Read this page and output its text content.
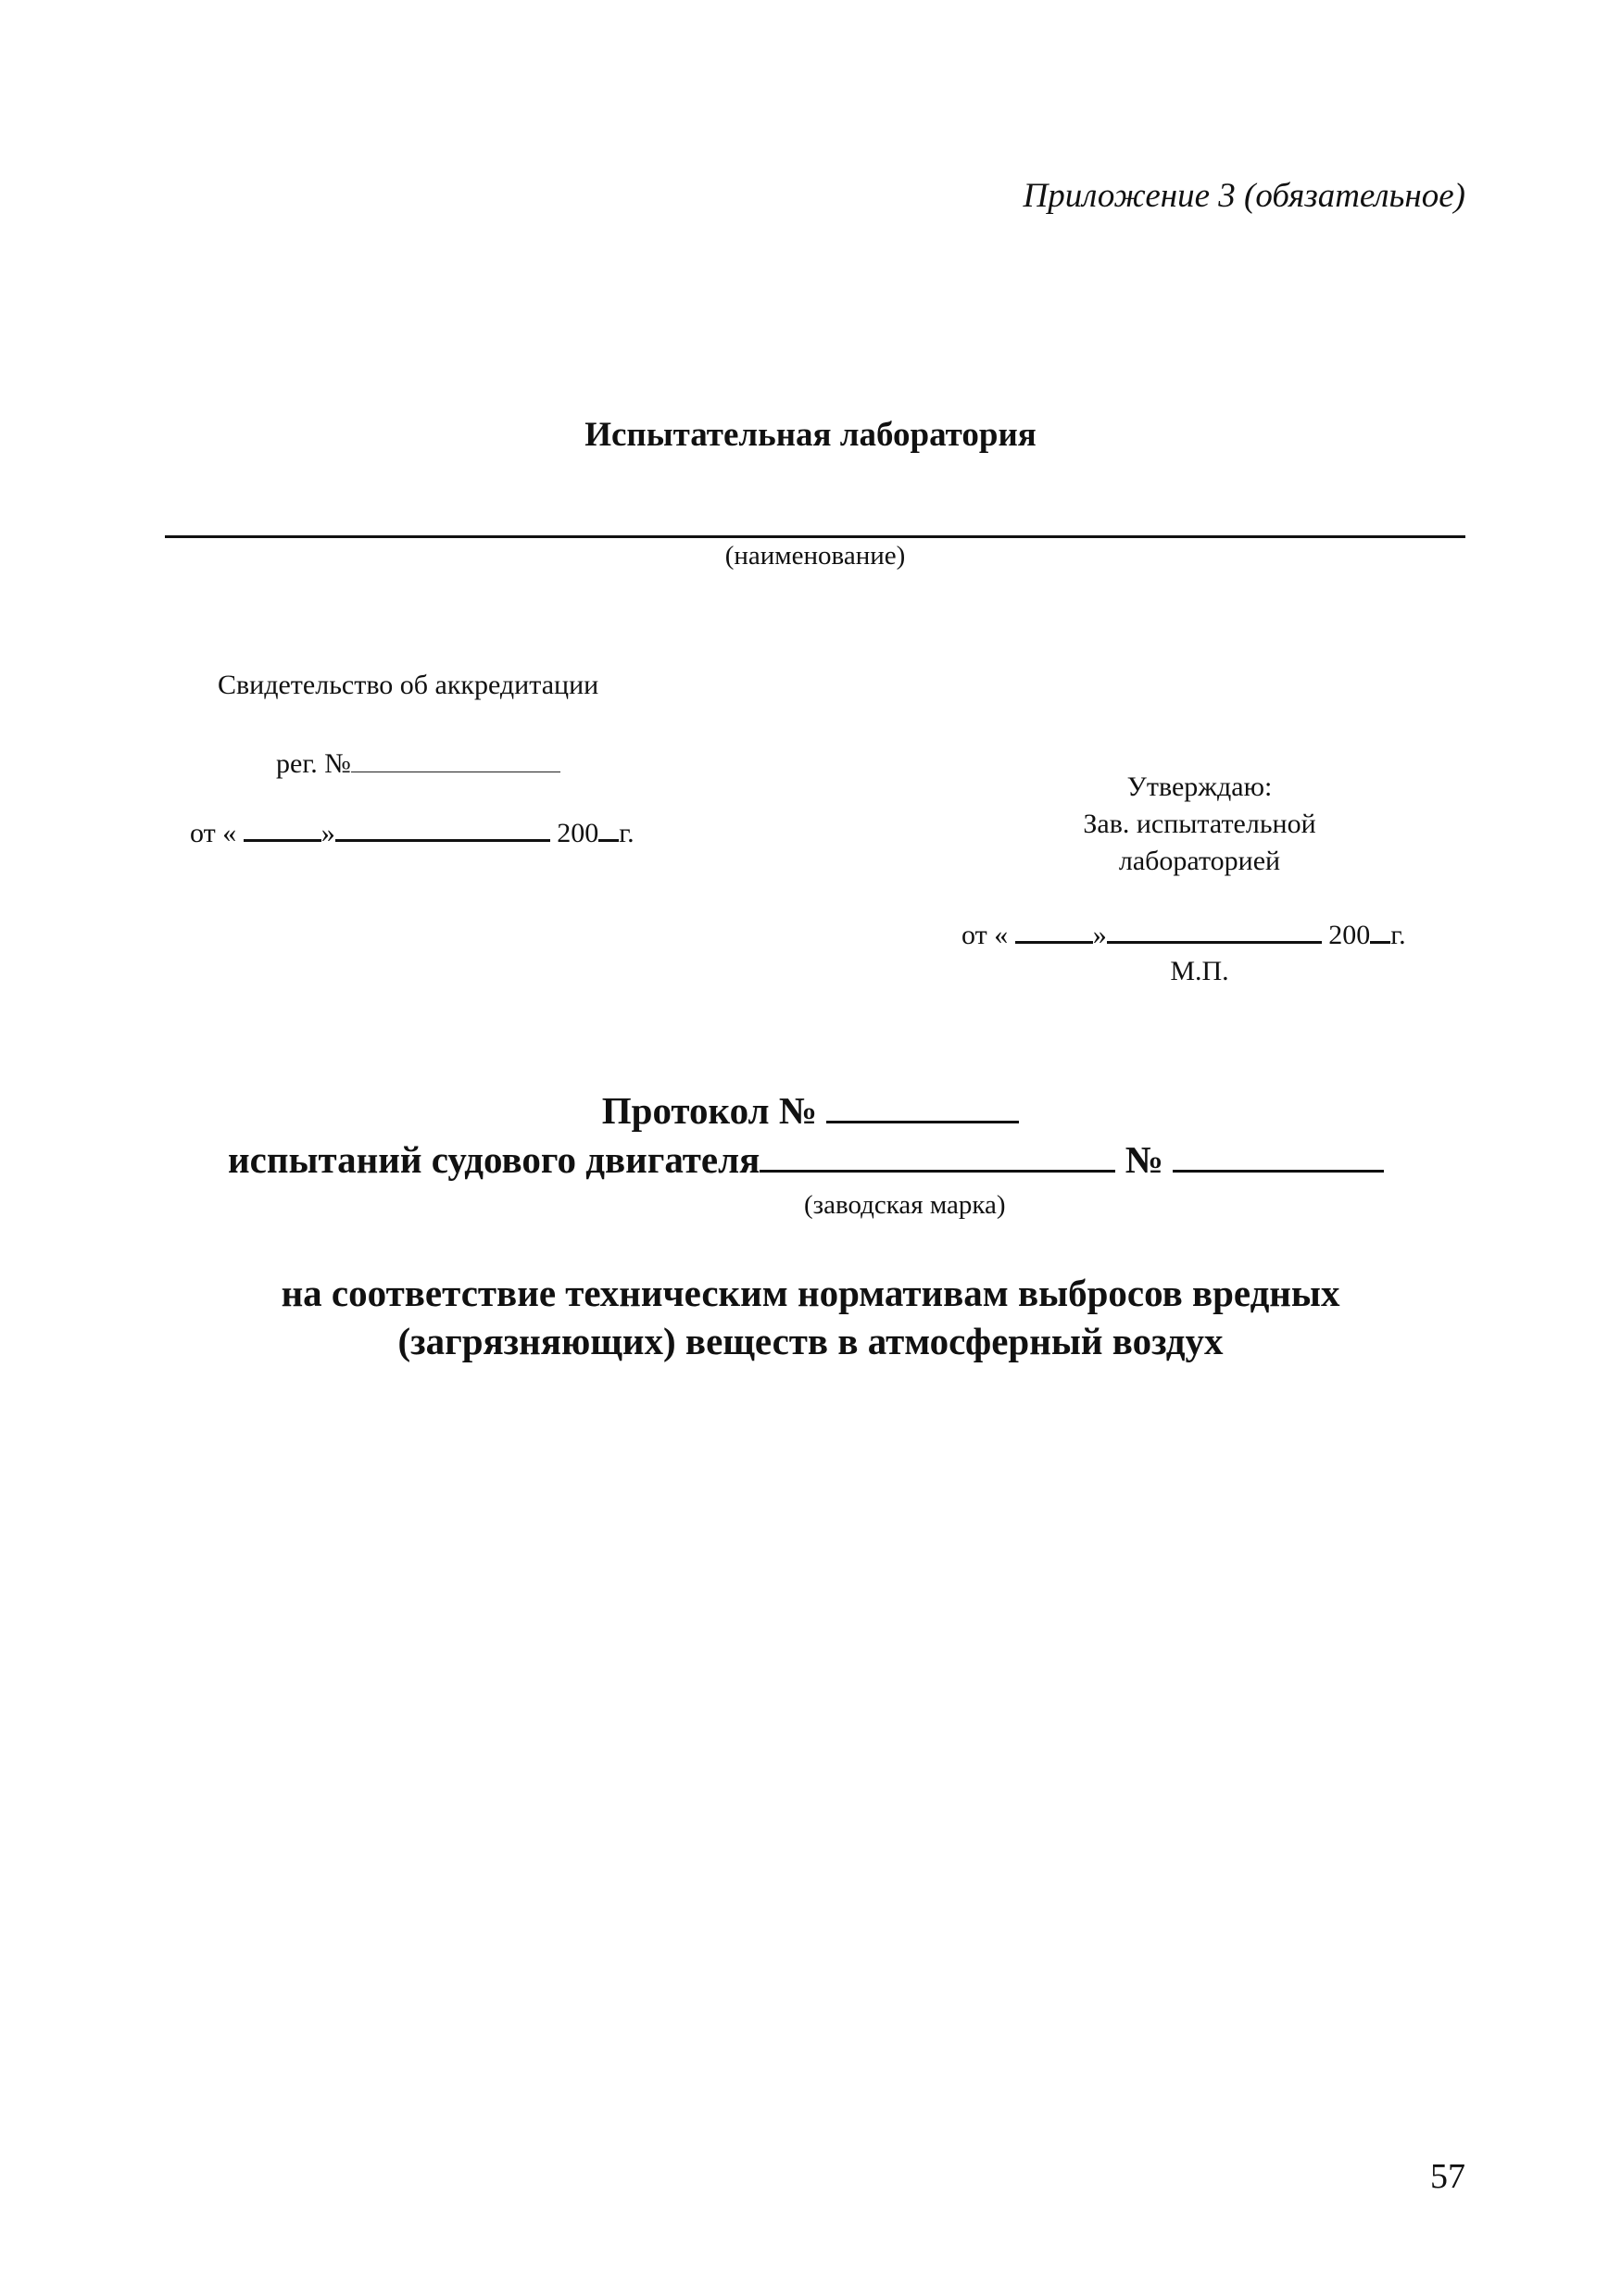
Приложение 3 (обязательное)
Испытательная лаборатория
(наименование)
Свидетельство об аккредитации
рег. №
от «	»	200 г.
Утверждаю:
Зав. испытательной
лабораторией
от «	»	200 г.
М.П.
Протокол №
испытаний судового двигателя	№
(заводская марка)
на соответствие техническим нормативам выбросов вредных
(загрязняющих) веществ в атмосферный воздух
57
